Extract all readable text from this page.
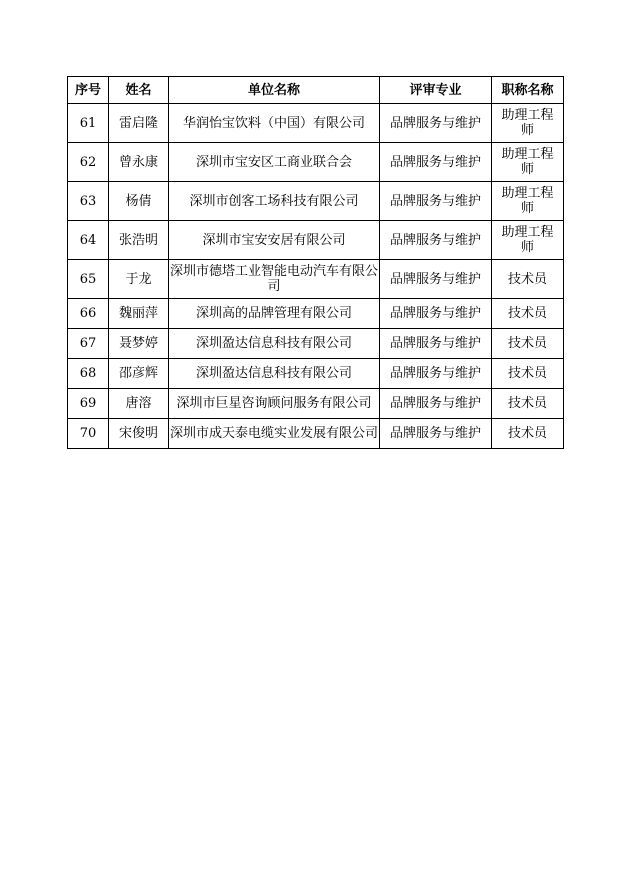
序号	姓名	单位名称	评审专业	职称名称
61	雷启隆	华润怡宝饮料（中国）有限公司	品牌服务与维护	助理工程师
62	曾永康	深圳市宝安区工商业联合会	品牌服务与维护	助理工程师
63	杨倩	深圳市创客工场科技有限公司	品牌服务与维护	助理工程师
64	张浩明	深圳市宝安安居有限公司	品牌服务与维护	助理工程师
65	于龙	深圳市德塔工业智能电动汽车有限公司	品牌服务与维护	技术员
66	魏丽萍	深圳高的品牌管理有限公司	品牌服务与维护	技术员
67	聂梦婷	深圳盈达信息科技有限公司	品牌服务与维护	技术员
68	邵彦辉	深圳盈达信息科技有限公司	品牌服务与维护	技术员
69	唐溶	深圳市巨星咨询顾问服务有限公司	品牌服务与维护	技术员
70	宋俊明	深圳市成天泰电缆实业发展有限公司	品牌服务与维护	技术员
